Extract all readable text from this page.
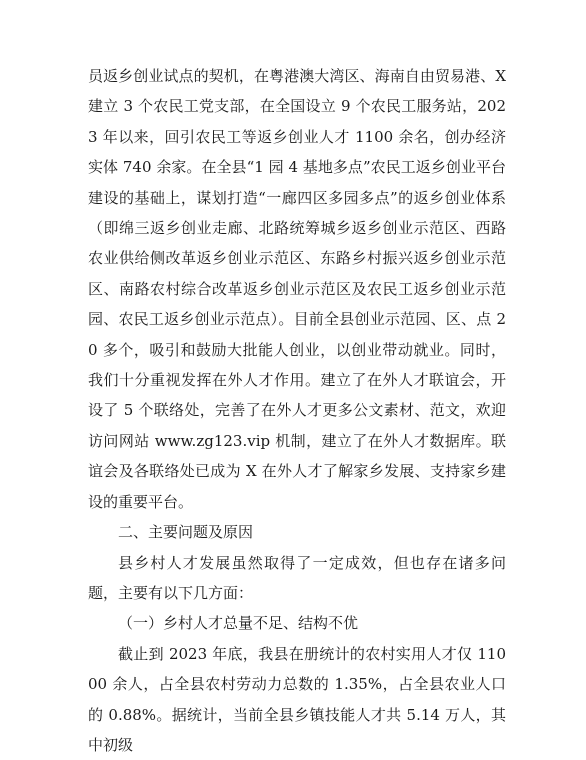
员返乡创业试点的契机，在粤港澳大湾区、海南自由贸易港、X建立 3 个农民工党支部，在全国设立 9 个农民工服务站，2023 年以来，回引农民工等返乡创业人才 1100 余名，创办经济实体 740 余家。在全县“1 园 4 基地多点”农民工返乡创业平台建设的基础上，谋划打造“一廊四区多园多点”的返乡创业体系（即绵三返乡创业走廊、北路统筹城乡返乡创业示范区、西路农业供给侧改革返乡创业示范区、东路乡村振兴返乡创业示范区、南路农村综合改革返乡创业示范区及农民工返乡创业示范园、农民工返乡创业示范点）。目前全县创业示范园、区、点 20 多个，吸引和鼓励大批能人创业，以创业带动就业。同时，我们十分重视发挥在外人才作用。建立了在外人才联谊会，开设了 5 个联络处，完善了在外人才更多公文素材、范文，欢迎访问网站 www.zg123.vip 机制，建立了在外人才数据库。联谊会及各联络处已成为 X 在外人才了解家乡发展、支持家乡建设的重要平台。

二、主要问题及原因

县乡村人才发展虽然取得了一定成效，但也存在诸多问题，主要有以下几方面：

（一）乡村人才总量不足、结构不优

截止到 2023 年底，我县在册统计的农村实用人才仅 11000 余人，占全县农村劳动力总数的 1.35%，占全县农业人口的 0.88%。据统计，当前全县乡镇技能人才共 5.14 万人，其中初级
